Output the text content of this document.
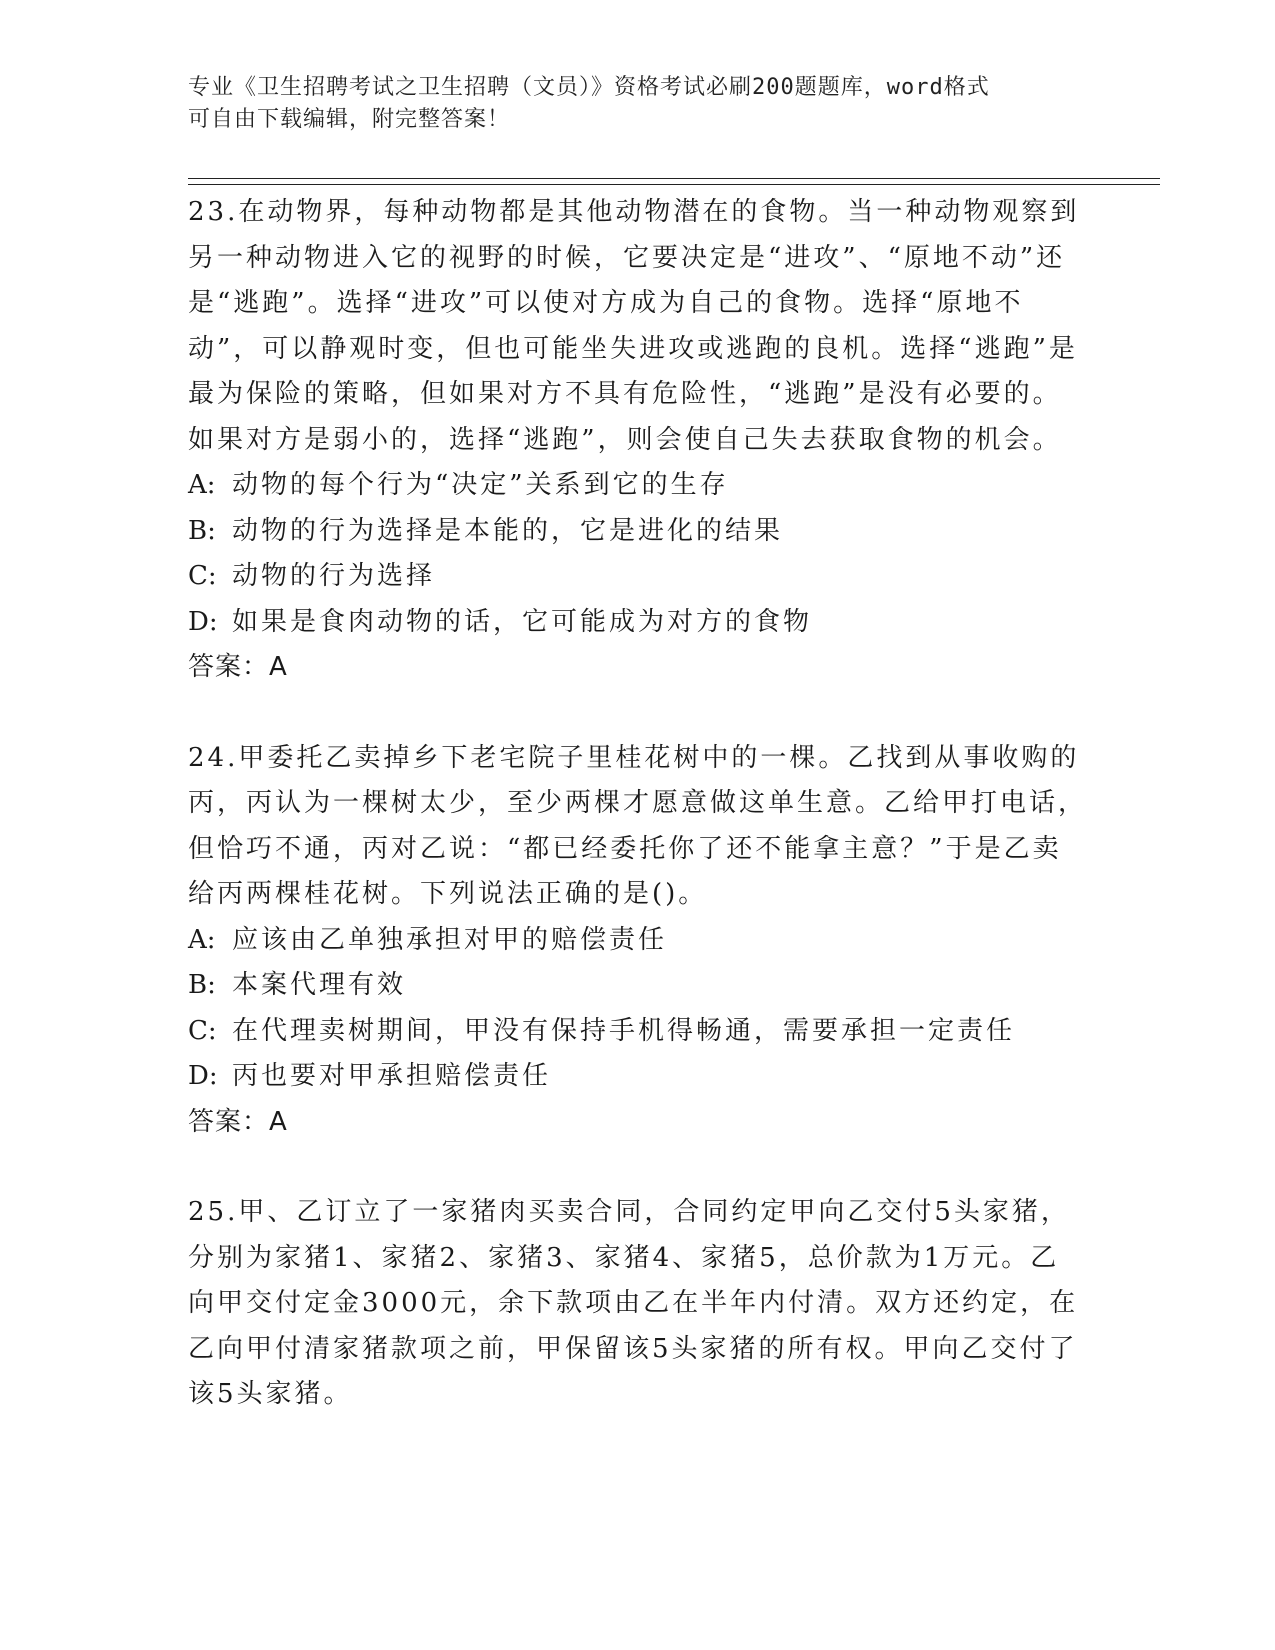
专业《卫生招聘考试之卫生招聘（文员）》资格考试必刷200题题库，word格式
可自由下载编辑，附完整答案！

23.在动物界，每种动物都是其他动物潜在的食物。当一种动物观察到另一种动物进入它的视野的时候，它要决定是“进攻”、“原地不动”还是“逃跑”。选择“进攻”可以使对方成为自己的食物。选择“原地不动”，可以静观时变，但也可能坐失进攻或逃跑的良机。选择“逃跑”是最为保险的策略，但如果对方不具有危险性，“逃跑”是没有必要的。如果对方是弱小的，选择“逃跑”，则会使自己失去获取食物的机会。

A: 动物的每个行为“决定”关系到它的生存

B: 动物的行为选择是本能的，它是进化的结果

C: 动物的行为选择

D: 如果是食肉动物的话，它可能成为对方的食物

答案：A

24.甲委托乙卖掉乡下老宅院子里桂花树中的一棵。乙找到从事收购的丙，丙认为一棵树太少，至少两棵才愿意做这单生意。乙给甲打电话，但恰巧不通，丙对乙说：“都已经委托你了还不能拿主意？”于是乙卖给丙两棵桂花树。下列说法正确的是()。

A: 应该由乙单独承担对甲的赔偿责任

B: 本案代理有效

C: 在代理卖树期间，甲没有保持手机得畅通，需要承担一定责任

D: 丙也要对甲承担赔偿责任

答案：A

25.甲、乙订立了一家猪肉买卖合同，合同约定甲向乙交付5头家猪，分别为家猪1、家猪2、家猪3、家猪4、家猪5，总价款为1万元。乙向甲交付定金3000元，余下款项由乙在半年内付清。双方还约定，在乙向甲付清家猪款项之前，甲保留该5头家猪的所有权。甲向乙交付了该5头家猪。
